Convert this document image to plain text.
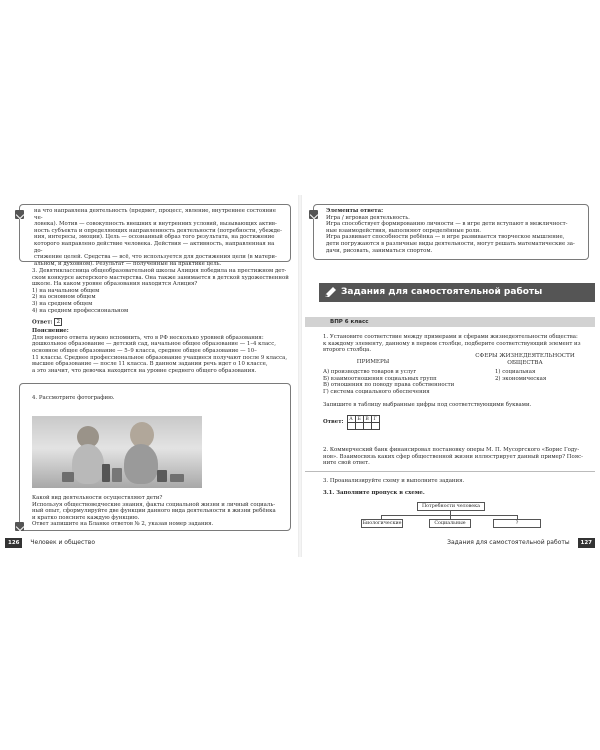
на что направлена деятельность (предмет, процесс, явление, внутреннее состояние че-

ловека). Мотив — совокупность внешних и внутренних условий, вызывающих актив-

ность субъекта и определяющих направленность деятельности (потребности, убежде-

ния, интересы, эмоции). Цель — осознанный образ того результата, на достижение

которого направлено действие человека. Действия — активность, направленная на до-

стижение целей. Средства — всё, что используется для достижения цели (в матери-

альном, и духовном). Результат — полученные на практике цель.

3. Девятиклассница общеобразовательной школы Алиция победила на престижном дет-

ском конкурсе актерского мастерства. Она также занимается в детской художественной

школе. На каком уровне образования находится Алиция?

1) на начальном общем

2) на основном общем

3) на среднем общем

4) на среднем профессиональном

Ответ: 2

Пояснение:

Для верного ответа нужно вспомнить, что в РФ несколько уровней образования:

дошкольное образование — детский сад, начальное общее образование — 1–4 класс,

основное общее образование — 5–9 класса, среднее общее образование — 10–

11 классы. Среднее профессиональное образование учащиеся получают после 9 класса,

высшее образование — после 11 класса. В данном задании речь идет о 10 классе,

а это значит, что девочка находится на уровне среднего общего образования.

4. Рассмотрите фотографию.

Какой вид деятельности осуществляют дети?

Используя обществоведческие знания, факты социальной жизни и личный социаль-

ный опыт, сформулируйте две функции данного вида деятельности в жизни ребёнка

и кратко поясните каждую функцию.

Ответ запишите на Бланке ответов № 2, указав номер задания.

126 Человек и общество

Элементы ответа:

Игра / игровая деятельность.

Игра способствует формированию личности — в игре дети вступают в межличност-

ные взаимодействия, выполняют определённые роли.

Игра развивает способности ребёнка — в игре развивается творческое мышление,

дети погружаются в различные виды деятельности, могут решать математические за-

дачи, рисовать, заниматься спортом.

Задания для самостоятельной работы
ВПР 6 класс

1. Установите соответствие между примерами и сферами жизнедеятельности общества:

к каждому элементу, данному в первом столбце, подберите соответствующий элемент из

второго столбца.

ПРИМЕРЫ

СФЕРЫ ЖИЗНЕДЕЯТЕЛЬНОСТИ ОБЩЕСТВА

А) производство товаров и услуг

Б) взаимоотношения социальных групп

В) отношения по поводу права собственности

Г) система социального обеспечения

1) социальная

2) экономическая

Запишите в таблицу выбранные цифры под соответствующими буквами.

Ответ: А	Б	В	Г

2. Коммерческий банк финансировал постановку оперы М. П. Мусоргского «Борис Году-

нов». Взаимосвязь каких сфер общественной жизни иллюстрирует данный пример? Пояс-

ните свой ответ.

3. Проанализируйте схему и выполните задания.

3.1. Заполните пропуск в схеме.

Потребности человека
Биологические	Социальные	?
Задания для самостоятельной работы 127
